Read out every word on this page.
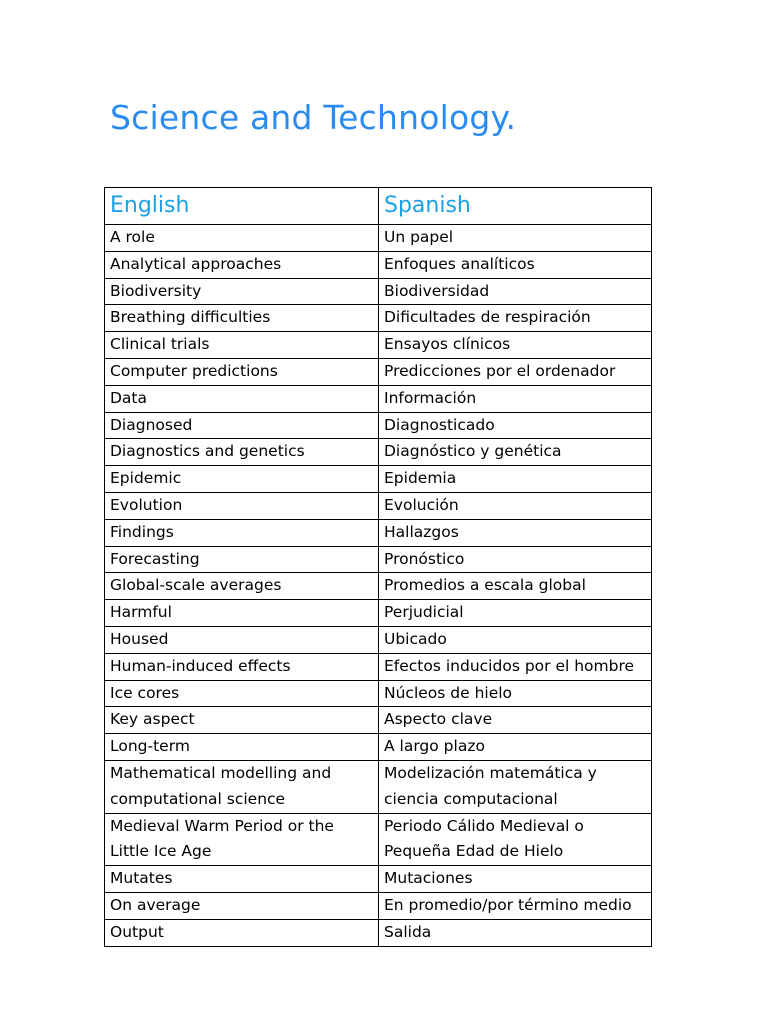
Science and Technology.
English	Spanish
A role	Un papel
Analytical approaches	Enfoques analíticos
Biodiversity	Biodiversidad
Breathing difficulties	Dificultades de respiración
Clinical trials	Ensayos clínicos
Computer predictions	Predicciones por el ordenador
Data	Información
Diagnosed	Diagnosticado
Diagnostics and genetics	Diagnóstico y genética
Epidemic	Epidemia
Evolution	Evolución
Findings	Hallazgos
Forecasting	Pronóstico
Global-scale averages	Promedios a escala global
Harmful	Perjudicial
Housed	Ubicado
Human-induced effects	Efectos inducidos por el hombre
Ice cores	Núcleos de hielo
Key aspect	Aspecto clave
Long-term	A largo plazo
Mathematical modelling and computational science	Modelización matemática y ciencia computacional
Medieval Warm Period or the Little Ice Age	Periodo Cálido Medieval o Pequeña Edad de Hielo
Mutates	Mutaciones
On average	En promedio/por término medio
Output	Salida
